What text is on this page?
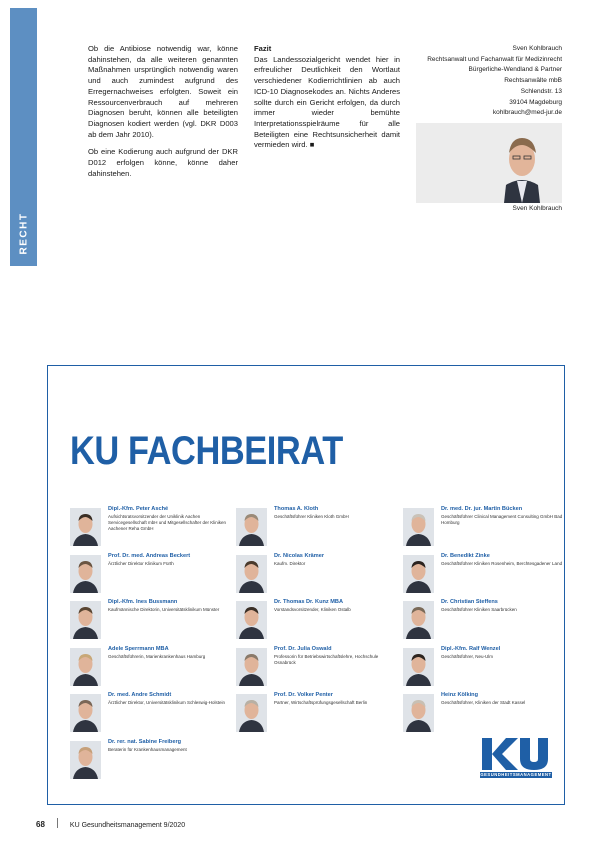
RECHT

Ob die Antibiose notwendig war, könne dahinstehen, da alle weiteren genannten Maßnahmen ursprünglich notwendig waren und auch zumindest aufgrund des Erregernachweises erfolgten. Soweit ein Ressourcenverbrauch auf mehreren Diagnosen beruht, können alle beteiligten Diagnosen kodiert werden (vgl. DKR D003 ab dem Jahr 2010).

Ob eine Kodierung auch aufgrund der DKR D012 erfolgen könne, könne daher dahinstehen.

Fazit

Das Landessozialgericht wendet hier in erfreulicher Deutlichkeit den Wortlaut verschiedener Kodierrichtlinien ab auch ICD-10 Diagnosekodes an. Nichts Anderes sollte durch ein Gericht erfolgen, da durch immer wieder bemühte Interpretationsspielräume für alle Beteiligten eine Rechtsunsicherheit damit vermieden wird. ■

Sven Kohlbrauch
Rechtsanwalt und Fachanwalt für Medizinrecht
Bürgerliche-Wendland & Partner
Rechtsanwälte mbB
Schlendstr. 13
39104 Magdeburg
kohlbrauch@med-jur.de
Sven Kohlbrauch
KU FACHBEIRAT
Dipl.-Kfm. Peter Asché
Aufsichtsratsvorsitzender der Uniklinik Aachen Servicegesellschaft mbH und Mitgesellschafter der Kliniken Aachener Reha GmbH
Thomas A. Kloth
Geschäftsführer Kliniken Kloth GmbH
Dr. med. Dr. jur. Martin Bücken
Geschäftsführer Clinical Management Consulting GmbH Bad Homburg
Prof. Dr. med. Andreas Beckert
Ärztlicher Direktor Klinikum Fürth
Dr. Nicolas Krämer
Kaufm. Direktor
Dr. Benedikt Zinke
Geschäftsführer Kliniken Rosenheim, Berchtesgadener Land
Dipl.-Kfm. Ines Bussmann
Kaufmännische Direktorin, Universitätsklinikum Münster
Dr. Thomas Dr. Kunz MBA
Vorstandsvorsitzender, Kliniken Ostalb
Dr. Christian Steffens
Geschäftsführer Kliniken Saarbrücken
Adele Sperrmann MBA
Geschäftsführerin, Marienkrankenhaus Hamburg
Prof. Dr. Julia Oswald
Professorin für Betriebswirtschaftslehre, Hochschule Osnabrück
Dipl.-Kfm. Ralf Wenzel
Geschäftsführer, Neu-Ulm
Dr. med. Andre Schmidt
Ärztlicher Direktor, Universitätsklinikum Schleswig-Holstein
Prof. Dr. Volker Penter
Partner, Wirtschaftsprüfungsgesellschaft Berlin
Heinz Kölking
Geschäftsführer, Kliniken der Stadt Kassel
Dr. rer. nat. Sabine Freiberg
Beraterin für Krankenhausmanagement
GESUNDHEITSMANAGEMENT
68	KU Gesundheitsmanagement 9/2020
